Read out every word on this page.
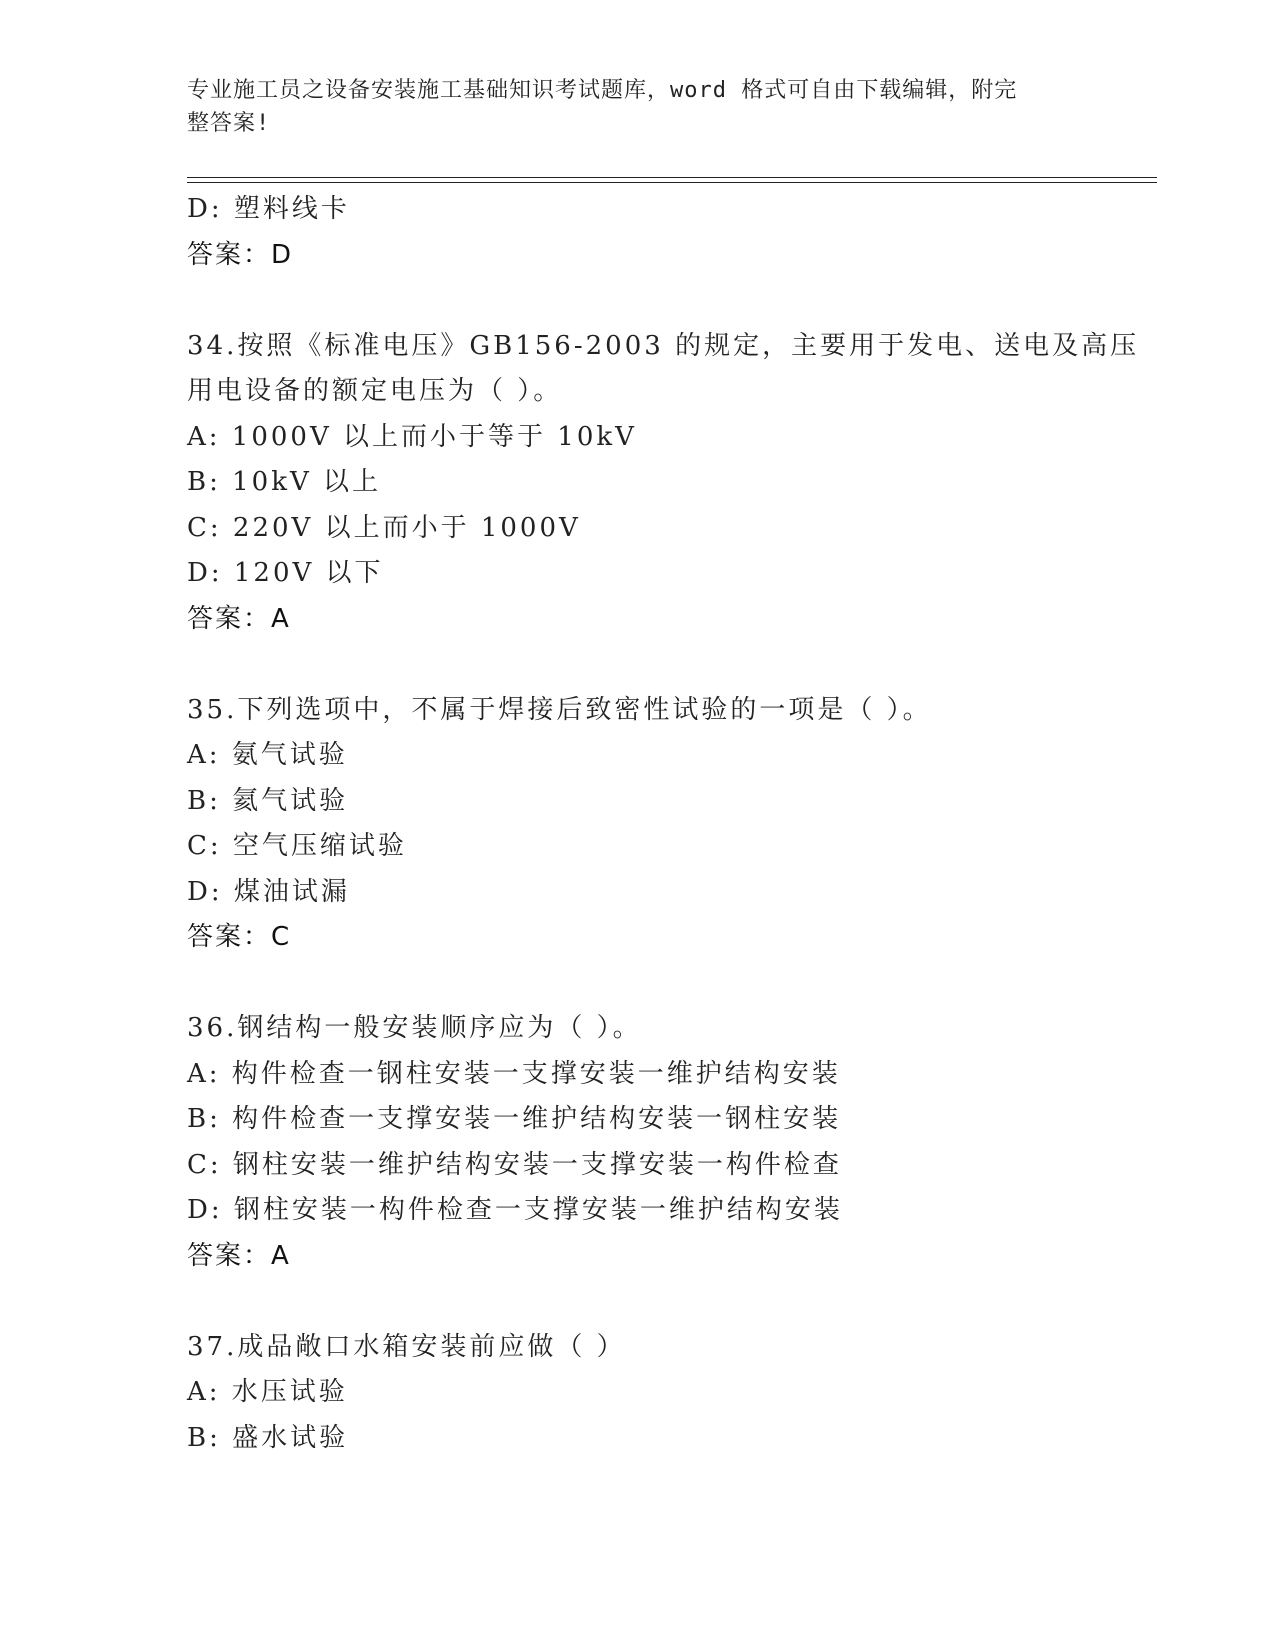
专业施工员之设备安装施工基础知识考试题库，word 格式可自由下载编辑，附完
整答案!
D: 塑料线卡
答案：D
34.按照《标准电压》GB156-2003 的规定，主要用于发电、送电及高压
用电设备的额定电压为（ ）。
A: 1000V 以上而小于等于 10kV
B: 10kV 以上
C: 220V 以上而小于 1000V
D: 120V 以下
答案：A
35.下列选项中，不属于焊接后致密性试验的一项是（ ）。
A: 氨气试验
B: 氦气试验
C: 空气压缩试验
D: 煤油试漏
答案：C
36.钢结构一般安装顺序应为（ ）。
A: 构件检查一钢柱安装一支撑安装一维护结构安装
B: 构件检查一支撑安装一维护结构安装一钢柱安装
C: 钢柱安装一维护结构安装一支撑安装一构件检查
D: 钢柱安装一构件检查一支撑安装一维护结构安装
答案：A
37.成品敞口水箱安装前应做（ ）
A: 水压试验
B: 盛水试验
